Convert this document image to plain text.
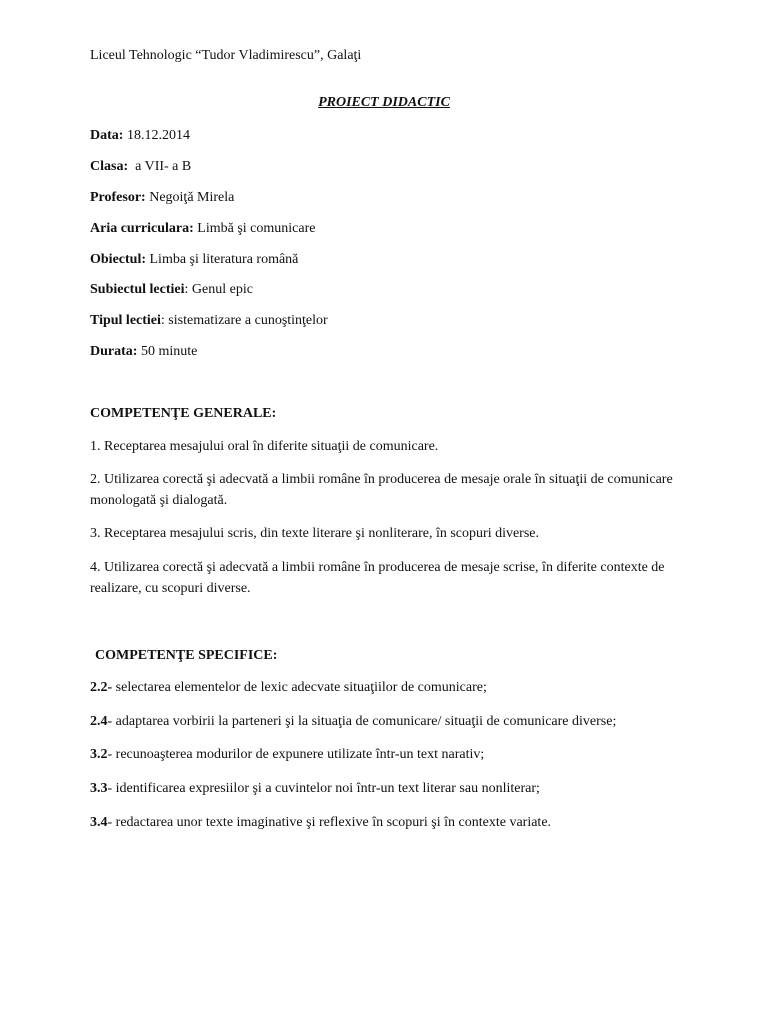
Liceul Tehnologic “Tudor Vladimirescu”, Galaţi
PROIECT DIDACTIC
Data: 18.12.2014
Clasa:  a VII- a B
Profesor: Negoiţă Mirela
Aria curriculara: Limbă şi comunicare
Obiectul: Limba şi literatura română
Subiectul lectiei: Genul epic
Tipul lectiei: sistematizare a cunoştinţelor
Durata: 50 minute
COMPETENŢE GENERALE:
1. Receptarea mesajului oral în diferite situaţii de comunicare.
2. Utilizarea corectă şi adecvată a limbii române în producerea de mesaje orale în situaţii de comunicare monologată şi dialogată.
3. Receptarea mesajului scris, din texte literare şi nonliterare, în scopuri diverse.
4. Utilizarea corectă şi adecvată a limbii române în producerea de mesaje scrise, în diferite contexte de realizare, cu scopuri diverse.
COMPETENŢE SPECIFICE:
2.2- selectarea elementelor de lexic adecvate situaţiilor de comunicare;
2.4- adaptarea vorbirii la parteneri şi la situaţia de comunicare/ situaţii de comunicare diverse;
3.2- recunoaşterea modurilor de expunere utilizate într-un text narativ;
3.3- identificarea expresiilor şi a cuvintelor noi într-un text literar sau nonliterar;
3.4- redactarea unor texte imaginative şi reflexive în scopuri şi în contexte variate.
